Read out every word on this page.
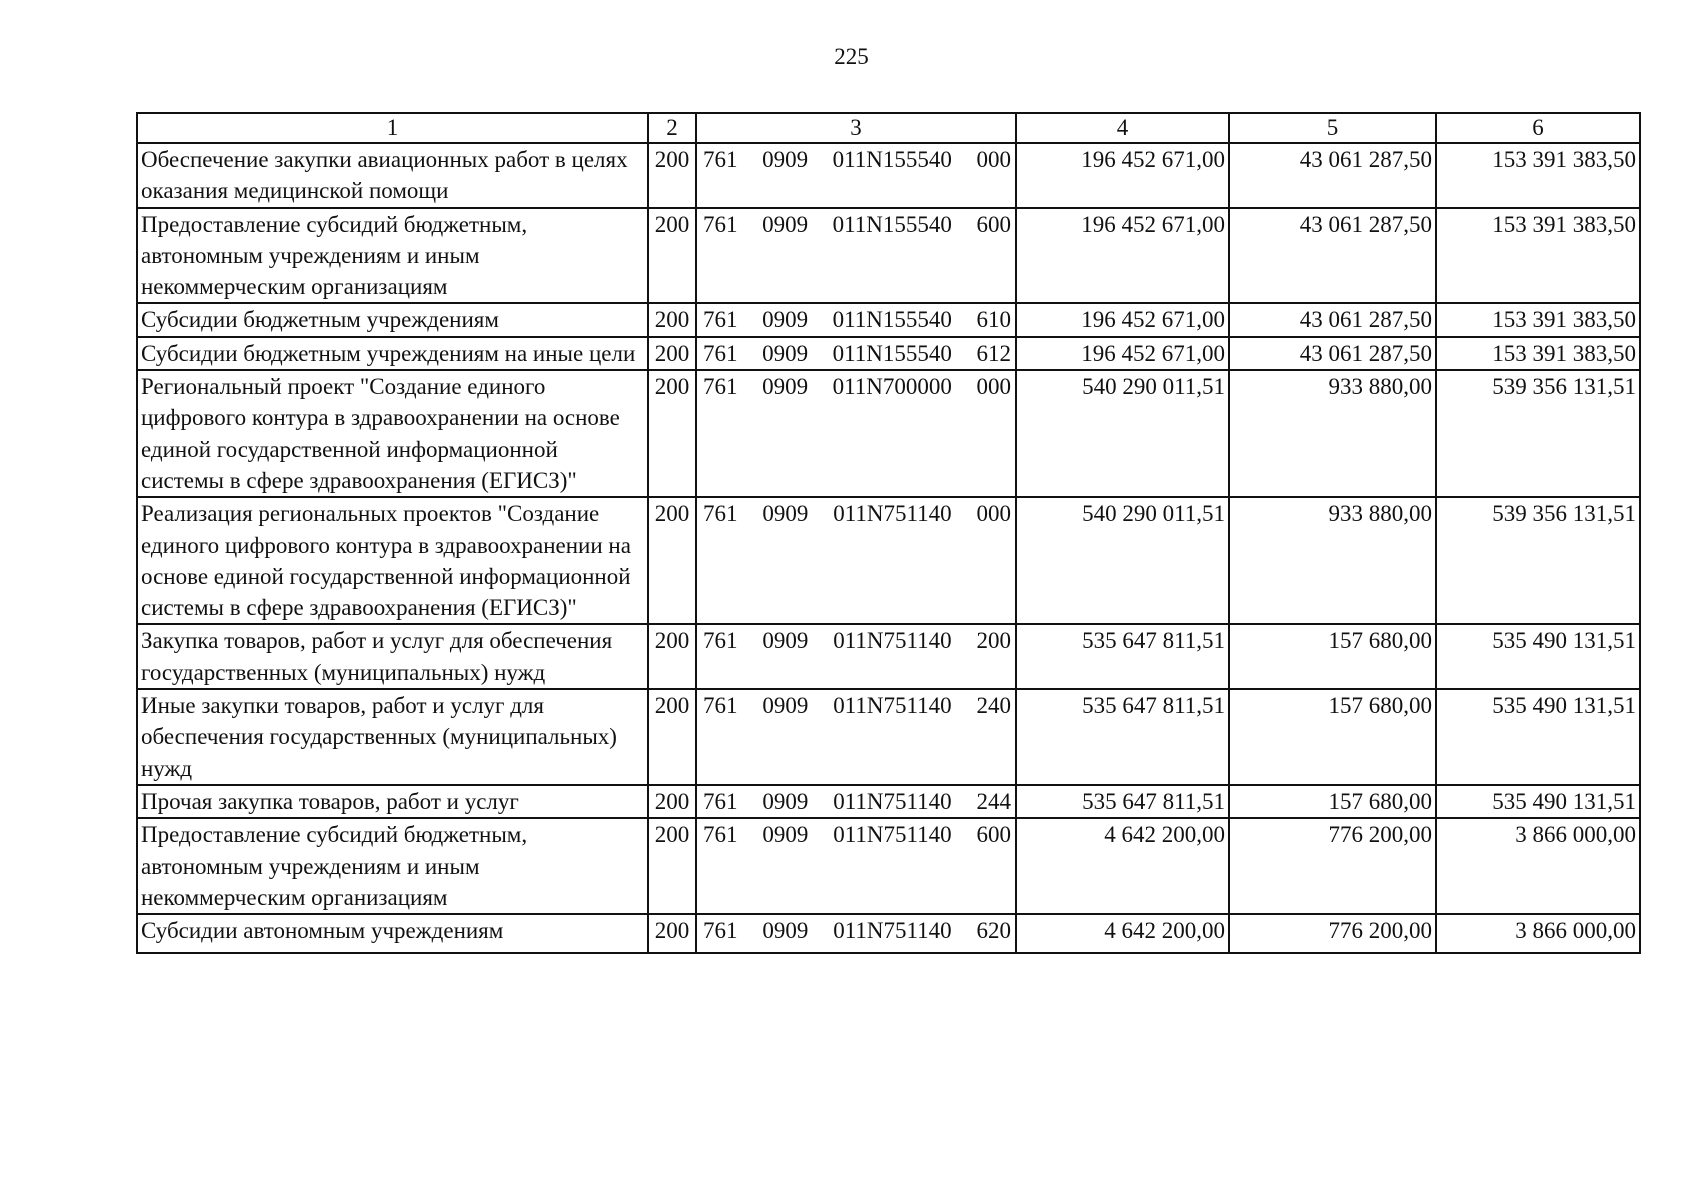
225
1	2	3	4	5	6
Обеспечение закупки авиационных работ в целях оказания медицинской помощи	200	761 0909 011N155540 000	196 452 671,00	43 061 287,50	153 391 383,50
Предоставление субсидий бюджетным, автономным учреждениям и иным некоммерческим организациям	200	761 0909 011N155540 600	196 452 671,00	43 061 287,50	153 391 383,50
Субсидии бюджетным учреждениям	200	761 0909 011N155540 610	196 452 671,00	43 061 287,50	153 391 383,50
Субсидии бюджетным учреждениям на иные цели	200	761 0909 011N155540 612	196 452 671,00	43 061 287,50	153 391 383,50
Региональный проект "Создание единого цифрового контура в здравоохранении на основе единой государственной информационной системы в сфере здравоохранения (ЕГИСЗ)"	200	761 0909 011N700000 000	540 290 011,51	933 880,00	539 356 131,51
Реализация региональных проектов "Создание единого цифрового контура в здравоохранении на основе единой государственной информационной системы в сфере здравоохранения (ЕГИСЗ)"	200	761 0909 011N751140 000	540 290 011,51	933 880,00	539 356 131,51
Закупка товаров, работ и услуг для обеспечения государственных (муниципальных) нужд	200	761 0909 011N751140 200	535 647 811,51	157 680,00	535 490 131,51
Иные закупки товаров, работ и услуг для обеспечения государственных (муниципальных) нужд	200	761 0909 011N751140 240	535 647 811,51	157 680,00	535 490 131,51
Прочая закупка товаров, работ и услуг	200	761 0909 011N751140 244	535 647 811,51	157 680,00	535 490 131,51
Предоставление субсидий бюджетным, автономным учреждениям и иным некоммерческим организациям	200	761 0909 011N751140 600	4 642 200,00	776 200,00	3 866 000,00
Субсидии автономным учреждениям	200	761 0909 011N751140 620	4 642 200,00	776 200,00	3 866 000,00
